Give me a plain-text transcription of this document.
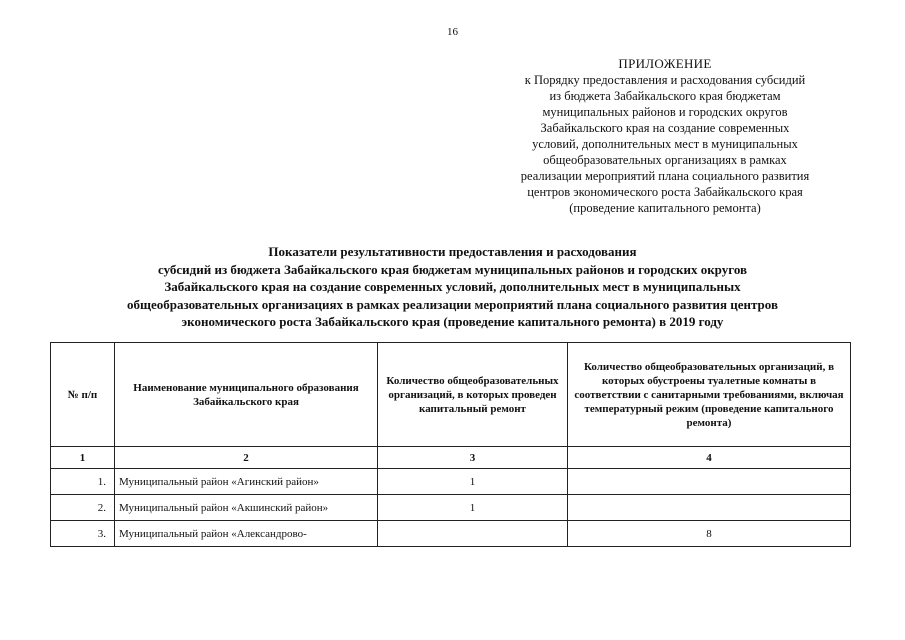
16
ПРИЛОЖЕНИЕ
к Порядку предоставления и расходования субсидий
из бюджета Забайкальского края бюджетам
муниципальных районов и городских округов
Забайкальского края на создание современных
условий, дополнительных мест в муниципальных
общеобразовательных организациях в рамках
реализации мероприятий плана социального развития
центров экономического роста Забайкальского края
(проведение капитального ремонта)
Показатели результативности предоставления и расходования
субсидий из бюджета Забайкальского края бюджетам муниципальных районов и городских округов
Забайкальского края на создание современных условий, дополнительных мест в муниципальных
общеобразовательных организациях в рамках реализации мероприятий плана социального развития центров
экономического роста Забайкальского края (проведение капитального ремонта) в 2019 году
№ п/п	Наименование муниципального образования Забайкальского края	Количество общеобразовательных организаций, в которых проведен капитальный ремонт	Количество общеобразовательных организаций, в которых обустроены туалетные комнаты в соответствии с санитарными требованиями, включая температурный режим (проведение капитального ремонта)
1	2	3	4
1.	Муниципальный район «Агинский район»	1	
2.	Муниципальный район «Акшинский район»	1	
3.	Муниципальный район «Александрово-		8
